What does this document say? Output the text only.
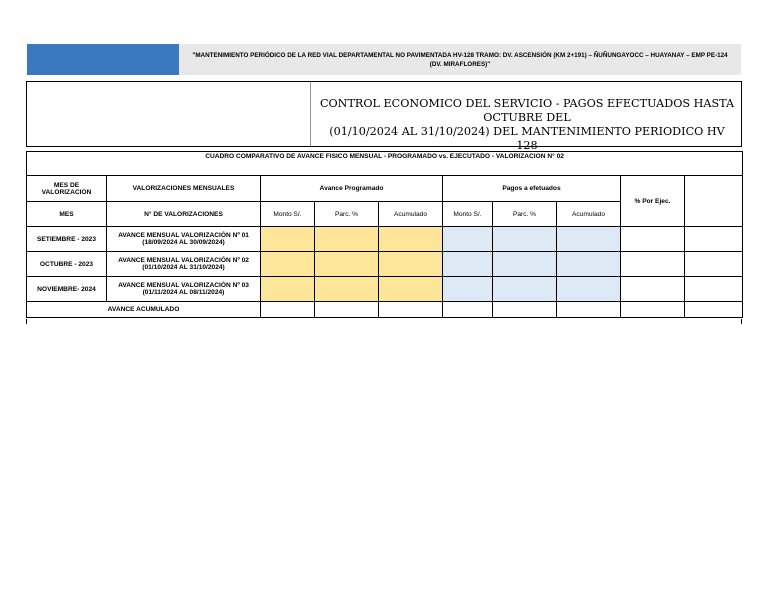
"MANTENIMIENTO PERIÓDICO DE LA RED VIAL DEPARTAMENTAL NO PAVIMENTADA HV-128 TRAMO: DV. ASCENSIÓN (KM 2+191) – ÑUÑUNGAYOCC – HUAYANAY – EMP PE-124 (DV. MIRAFLORES)"
CONTROL ECONOMICO DEL SERVICIO - PAGOS EFECTUADOS HASTA OCTUBRE DEL
(01/10/2024 AL 31/10/2024) DEL MANTENIMIENTO PERIODICO HV 128
CUADRO COMPARATIVO DE AVANCE FISICO MENSUAL - PROGRAMADO vs. EJECUTADO - VALORIZACION N° 02									
MES DE VALORIZACION	VALORIZACIONES MENSUALES	Avance Programado			Pagos a efetuados			% Por Ejec.	
MES	N° DE VALORIZACIONES	Monto S/.	Parc. %	Acumulado	Monto S/.	Parc. %	Acumulado		
SETIEMBRE - 2023	AVANCE MENSUAL VALORIZACIÓN Nº 01
(18/09/2024 AL 30/09/2024)								

OCTUBRE - 2023	AVANCE MENSUAL VALORIZACIÓN Nº 02
(01/10/2024 AL 31/10/2024)								

NOVIEMBRE- 2024	AVANCE MENSUAL VALORIZACIÓN Nº 03
(01/11/2024 AL 08/11/2024)								

AVANCE ACUMULADO									
